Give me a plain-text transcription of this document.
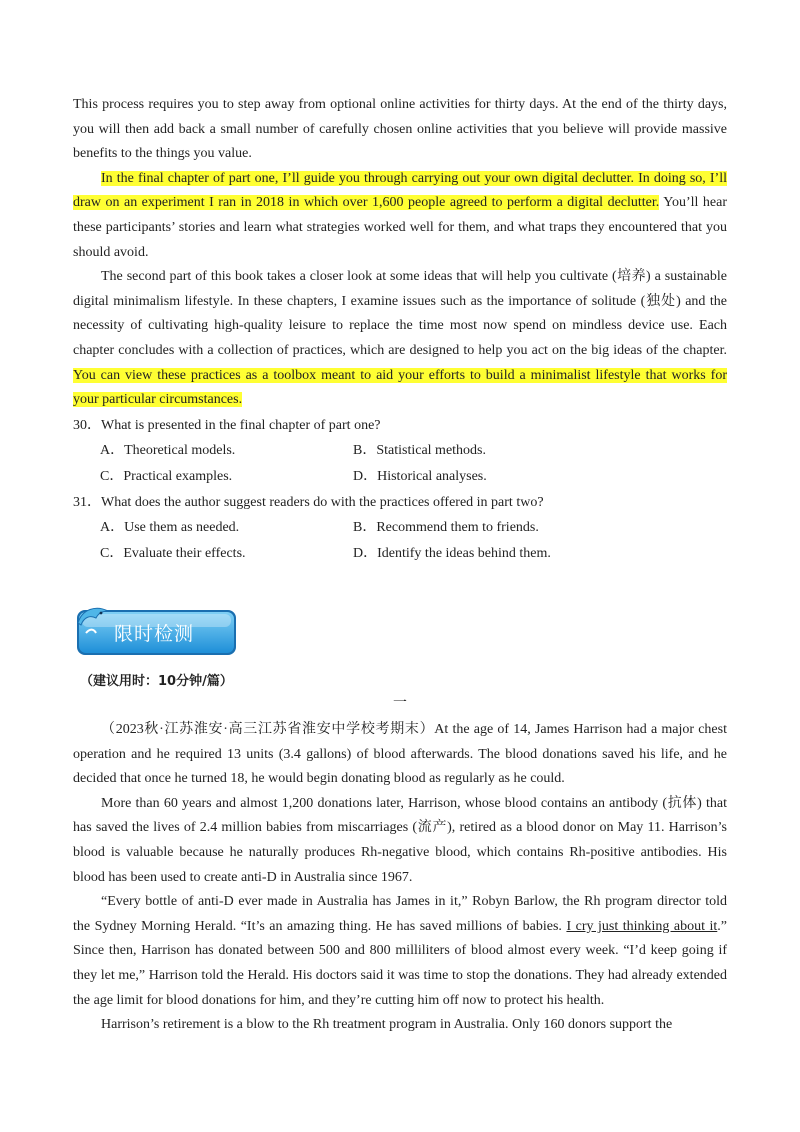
This process requires you to step away from optional online activities for thirty days. At the end of the thirty days, you will then add back a small number of carefully chosen online activities that you believe will provide massive benefits to the things you value.

In the final chapter of part one, I’ll guide you through carrying out your own digital declutter. In doing so, I’ll draw on an experiment I ran in 2018 in which over 1,600 people agreed to perform a digital declutter. You’ll hear these participants’ stories and learn what strategies worked well for them, and what traps they encountered that you should avoid.

The second part of this book takes a closer look at some ideas that will help you cultivate (培养) a sustainable digital minimalism lifestyle. In these chapters, I examine issues such as the importance of solitude (独处) and the necessity of cultivating high-quality leisure to replace the time most now spend on mindless device use. Each chapter concludes with a collection of practices, which are designed to help you act on the big ideas of the chapter. You can view these practices as a toolbox meant to aid your efforts to build a minimalist lifestyle that works for your particular circumstances.

30．What is presented in the final chapter of part one?

A．Theoretical models.	B．Statistical methods.
C．Practical examples.	D．Historical analyses.

31．What does the author suggest readers do with the practices offered in part two?

A．Use them as needed.	B．Recommend them to friends.
C．Evaluate their effects.	D．Identify the ideas behind them.
限时检测
（建议用时：10分钟/篇）
一

（2023秋·江苏淮安·高三江苏省淮安中学校考期末）At the age of 14, James Harrison had a major chest operation and he required 13 units (3.4 gallons) of blood afterwards. The blood donations saved his life, and he decided that once he turned 18, he would begin donating blood as regularly as he could.

More than 60 years and almost 1,200 donations later, Harrison, whose blood contains an antibody (抗体) that has saved the lives of 2.4 million babies from miscarriages (流产), retired as a blood donor on May 11. Harrison’s blood is valuable because he naturally produces Rh-negative blood, which contains Rh-positive antibodies. His blood has been used to create anti-D in Australia since 1967.

“Every bottle of anti-D ever made in Australia has James in it,” Robyn Barlow, the Rh program director told the Sydney Morning Herald. “It’s an amazing thing. He has saved millions of babies. I cry just thinking about it.” Since then, Harrison has donated between 500 and 800 milliliters of blood almost every week. “I’d keep going if they let me,” Harrison told the Herald. His doctors said it was time to stop the donations. They had already extended the age limit for blood donations for him, and they’re cutting him off now to protect his health.

Harrison’s retirement is a blow to the Rh treatment program in Australia. Only 160 donors support the
